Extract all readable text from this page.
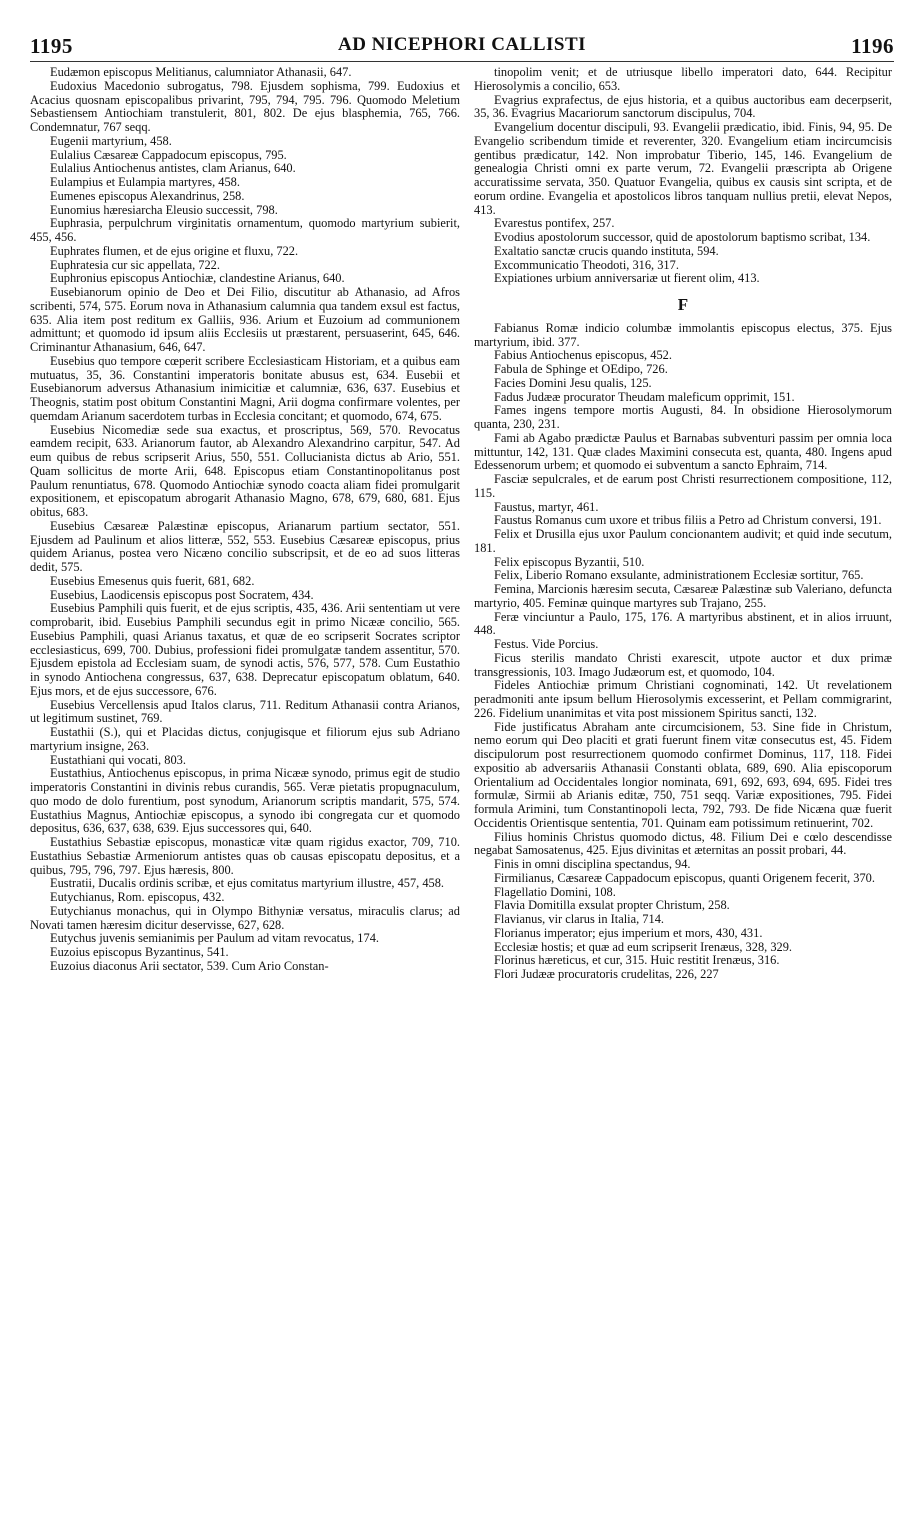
1195	AD NICEPHORI CALLISTI	1196

Eudæmon episcopus Melitianus, calumniator Athanasii, 647.

Eudoxius Macedonio subrogatus, 798. Ejusdem sophisma, 799. Eudoxius et Acacius quosnam episcopalibus privarint, 795, 794, 795. 796. Quomodo Meletium Sebastiensem Antiochiam transtulerit, 801, 802. De ejus blasphemia, 765, 766. Condemnatur, 767 seqq.

Eugenii martyrium, 458.

Eulalius Cæsareæ Cappadocum episcopus, 795.

Eulalius Antiochenus antistes, clam Arianus, 640.

Eulampius et Eulampia martyres, 458.

Eumenes episcopus Alexandrinus, 258.

Eunomius hæresiarcha Eleusio successit, 798.

Euphrasia, perpulchrum virginitatis ornamentum, quomodo martyrium subierit, 455, 456.

Euphrates flumen, et de ejus origine et fluxu, 722.

Euphratesia cur sic appellata, 722.

Euphronius episcopus Antiochiæ, clandestine Arianus, 640.

Eusebianorum opinio de Deo et Dei Filio, discutitur ab Athanasio, ad Afros scribenti, 574, 575. Eorum nova in Athanasium calumnia qua tandem exsul est factus, 635. Alia item post reditum ex Galliis, 936. Arium et Euzoium ad communionem admittunt; et quomodo id ipsum aliis Ecclesiis ut præstarent, persuaserint, 645, 646. Criminantur Athanasium, 646, 647.

Eusebius quo tempore cœperit scribere Ecclesiasticam Historiam, et a quibus eam mutuatus, 35, 36. Constantini imperatoris bonitate abusus est, 634. Eusebii et Eusebianorum adversus Athanasium inimicitiæ et calumniæ, 636, 637. Eusebius et Theognis, statim post obitum Constantini Magni, Arii dogma confirmare volentes, per quemdam Arianum sacerdotem turbas in Ecclesia concitant; et quomodo, 674, 675.

Eusebius Nicomediæ sede sua exactus, et proscriptus, 569, 570. Revocatus eamdem recipit, 633. Arianorum fautor, ab Alexandro Alexandrino carpitur, 547. Ad eum quibus de rebus scripserit Arius, 550, 551. Collucianista dictus ab Ario, 551. Quam sollicitus de morte Arii, 648. Episcopus etiam Constantinopolitanus post Paulum renuntiatus, 678. Quomodo Antiochiæ synodo coacta aliam fidei promulgarit expositionem, et episcopatum abrogarit Athanasio Magno, 678, 679, 680, 681. Ejus obitus, 683.

Eusebius Cæsareæ Palæstinæ episcopus, Arianarum partium sectator, 551. Ejusdem ad Paulinum et alios litteræ, 552, 553. Eusebius Cæsareæ episcopus, prius quidem Arianus, postea vero Nicæno concilio subscripsit, et de eo ad suos litteras dedit, 575.

Eusebius Emesenus quis fuerit, 681, 682.

Eusebius, Laodicensis episcopus post Socratem, 434.

Eusebius Pamphili quis fuerit, et de ejus scriptis, 435, 436. Arii sententiam ut vere comprobarit, ibid. Eusebius Pamphili secundus egit in primo Nicææ concilio, 565. Eusebius Pamphili, quasi Arianus taxatus, et quæ de eo scripserit Socrates scriptor ecclesiasticus, 699, 700. Dubius, professioni fidei promulgatæ tandem assentitur, 570. Ejusdem epistola ad Ecclesiam suam, de synodi actis, 576, 577, 578. Cum Eustathio in synodo Antiochena congressus, 637, 638. Deprecatur episcopatum oblatum, 640. Ejus mors, et de ejus successore, 676.

Eusebius Vercellensis apud Italos clarus, 711. Reditum Athanasii contra Arianos, ut legitimum sustinet, 769.

Eustathii (S.), qui et Placidas dictus, conjugisque et filiorum ejus sub Adriano martyrium insigne, 263.

Eustathiani qui vocati, 803.

Eustathius, Antiochenus episcopus, in prima Nicææ synodo, primus egit de studio imperatoris Constantini in divinis rebus curandis, 565. Veræ pietatis propugnaculum, quo modo de dolo furentium, post synodum, Arianorum scriptis mandarit, 575, 574. Eustathius Magnus, Antiochiæ episcopus, a synodo ibi congregata cur et quomodo depositus, 636, 637, 638, 639. Ejus successores qui, 640.

Eustathius Sebastiæ episcopus, monasticæ vitæ quam rigidus exactor, 709, 710. Eustathius Sebastiæ Armeniorum antistes quas ob causas episcopatu depositus, et a quibus, 795, 796, 797. Ejus hæresis, 800.

Eustratii, Ducalis ordinis scribæ, et ejus comitatus martyrium illustre, 457, 458.

Eutychianus, Rom. episcopus, 432.

Eutychianus monachus, qui in Olympo Bithyniæ versatus, miraculis clarus; ad Novati tamen hæresim dicitur deservisse, 627, 628.

Eutychus juvenis semianimis per Paulum ad vitam revocatus, 174.

Euzoius episcopus Byzantinus, 541.

Euzoius diaconus Arii sectator, 539. Cum Ario Constan-

tinopolim venit; et de utriusque libello imperatori dato, 644. Recipitur Hierosolymis a concilio, 653.

Evagrius exprafectus, de ejus historia, et a quibus auctoribus eam decerpserit, 35, 36. Evagrius Macariorum sanctorum discipulus, 704.

Evangelium docentur discipuli, 93. Evangelii prædicatio, ibid. Finis, 94, 95. De Evangelio scribendum timide et reverenter, 320. Evangelium etiam incircumcisis gentibus prædicatur, 142. Non improbatur Tiberio, 145, 146. Evangelium de genealogia Christi omni ex parte verum, 72. Evangelii præscripta ab Origene accuratissime servata, 350. Quatuor Evangelia, quibus ex causis sint scripta, et de eorum ordine. Evangelia et apostolicos libros tanquam nullius pretii, elevat Nepos, 413.

Evarestus pontifex, 257.

Evodius apostolorum successor, quid de apostolorum baptismo scribat, 134.

Exaltatio sanctæ crucis quando instituta, 594.

Excommunicatio Theodoti, 316, 317.

Expiationes urbium anniversariæ ut fierent olim, 413.

F

Fabianus Romæ indicio columbæ immolantis episcopus electus, 375. Ejus martyrium, ibid. 377.

Fabius Antiochenus episcopus, 452.

Fabula de Sphinge et OEdipo, 726.

Facies Domini Jesu qualis, 125.

Fadus Judææ procurator Theudam maleficum opprimit, 151.

Fames ingens tempore mortis Augusti, 84. In obsidione Hierosolymorum quanta, 230, 231.

Fami ab Agabo prædictæ Paulus et Barnabas subventuri passim per omnia loca mittuntur, 142, 131. Quæ clades Maximini consecuta est, quanta, 480. Ingens apud Edessenorum urbem; et quomodo ei subventum a sancto Ephraim, 714.

Fasciæ sepulcrales, et de earum post Christi resurrectionem compositione, 112, 115.

Faustus, martyr, 461.

Faustus Romanus cum uxore et tribus filiis a Petro ad Christum conversi, 191.

Felix et Drusilla ejus uxor Paulum concionantem audivit; et quid inde secutum, 181.

Felix episcopus Byzantii, 510.

Felix, Liberio Romano exsulante, administrationem Ecclesiæ sortitur, 765.

Femina, Marcionis hæresim secuta, Cæsareæ Palæstinæ sub Valeriano, defuncta martyrio, 405. Feminæ quinque martyres sub Trajano, 255.

Feræ vinciuntur a Paulo, 175, 176. A martyribus abstinent, et in alios irruunt, 448.

Festus. Vide Porcius.

Ficus sterilis mandato Christi exarescit, utpote auctor et dux primæ transgressionis, 103. Imago Judæorum est, et quomodo, 104.

Fideles Antiochiæ primum Christiani cognominati, 142. Ut revelationem peradmoniti ante ipsum bellum Hierosolymis excesserint, et Pellam commigrarint, 226. Fidelium unanimitas et vita post missionem Spiritus sancti, 132.

Fide justificatus Abraham ante circumcisionem, 53. Sine fide in Christum, nemo eorum qui Deo placiti et grati fuerunt finem vitæ consecutus est, 45. Fidem discipulorum post resurrectionem quomodo confirmet Dominus, 117, 118. Fidei expositio ab adversariis Athanasii Constanti oblata, 689, 690. Alia episcoporum Orientalium ad Occidentales longior nominata, 691, 692, 693, 694, 695. Fidei tres formulæ, Sirmii ab Arianis editæ, 750, 751 seqq. Variæ expositiones, 795. Fidei formula Arimini, tum Constantinopoli lecta, 792, 793. De fide Nicæna quæ fuerit Occidentis Orientisque sententia, 701. Quinam eam potissimum retinuerint, 702.

Filius hominis Christus quomodo dictus, 48. Filium Dei e cœlo descendisse negabat Samosatenus, 425. Ejus divinitas et æternitas an possit probari, 44.

Finis in omni disciplina spectandus, 94.

Firmilianus, Cæsareæ Cappadocum episcopus, quanti Origenem fecerit, 370.

Flagellatio Domini, 108.

Flavia Domitilla exsulat propter Christum, 258.

Flavianus, vir clarus in Italia, 714.

Florianus imperator; ejus imperium et mors, 430, 431.

Ecclesiæ hostis; et quæ ad eum scripserit Irenæus, 328, 329.

Florinus hæreticus, et cur, 315. Huic restitit Irenæus, 316.

Flori Judææ procuratoris crudelitas, 226, 227
